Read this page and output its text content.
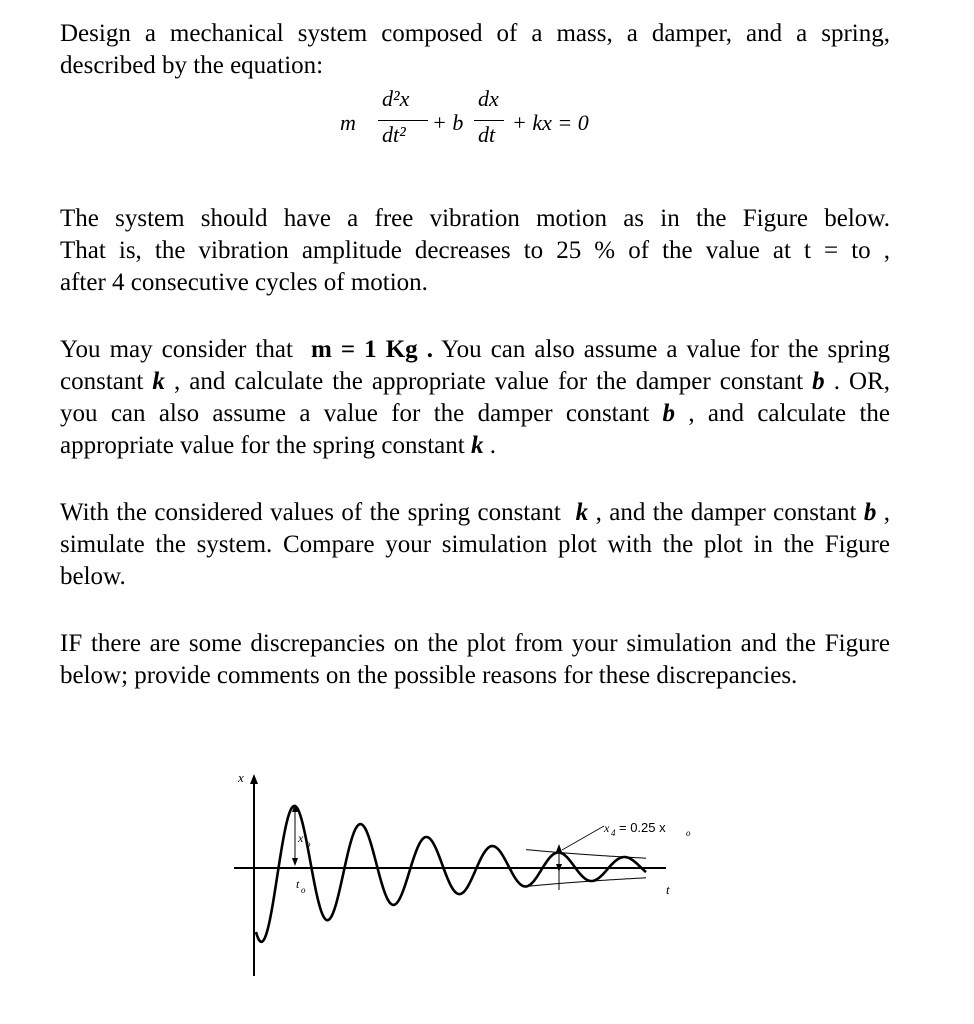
Design a mechanical system composed of a mass, a damper, and a spring,

described by the equation:

m
d²x
dt² + b
dx
dt + kx = 0

The system should have a free vibration motion as in the Figure below.

That is, the vibration amplitude decreases to 25 % of the value at t = to ,

after 4 consecutive cycles of motion.

You may consider that m = 1 Kg . You can also assume a value for the spring constant k , and calculate the appropriate value for the damper constant b . OR, you can also assume a value for the damper constant b , and calculate the appropriate value for the spring constant k .
With the considered values of the spring constant k , and the damper constant b , simulate the system. Compare your simulation plot with the plot in the Figure below.
IF there are some discrepancies on the plot from your simulation and the Figure below; provide comments on the possible reasons for these discrepancies.
x
t
x o
t o
x 4 = 0.25 x o
